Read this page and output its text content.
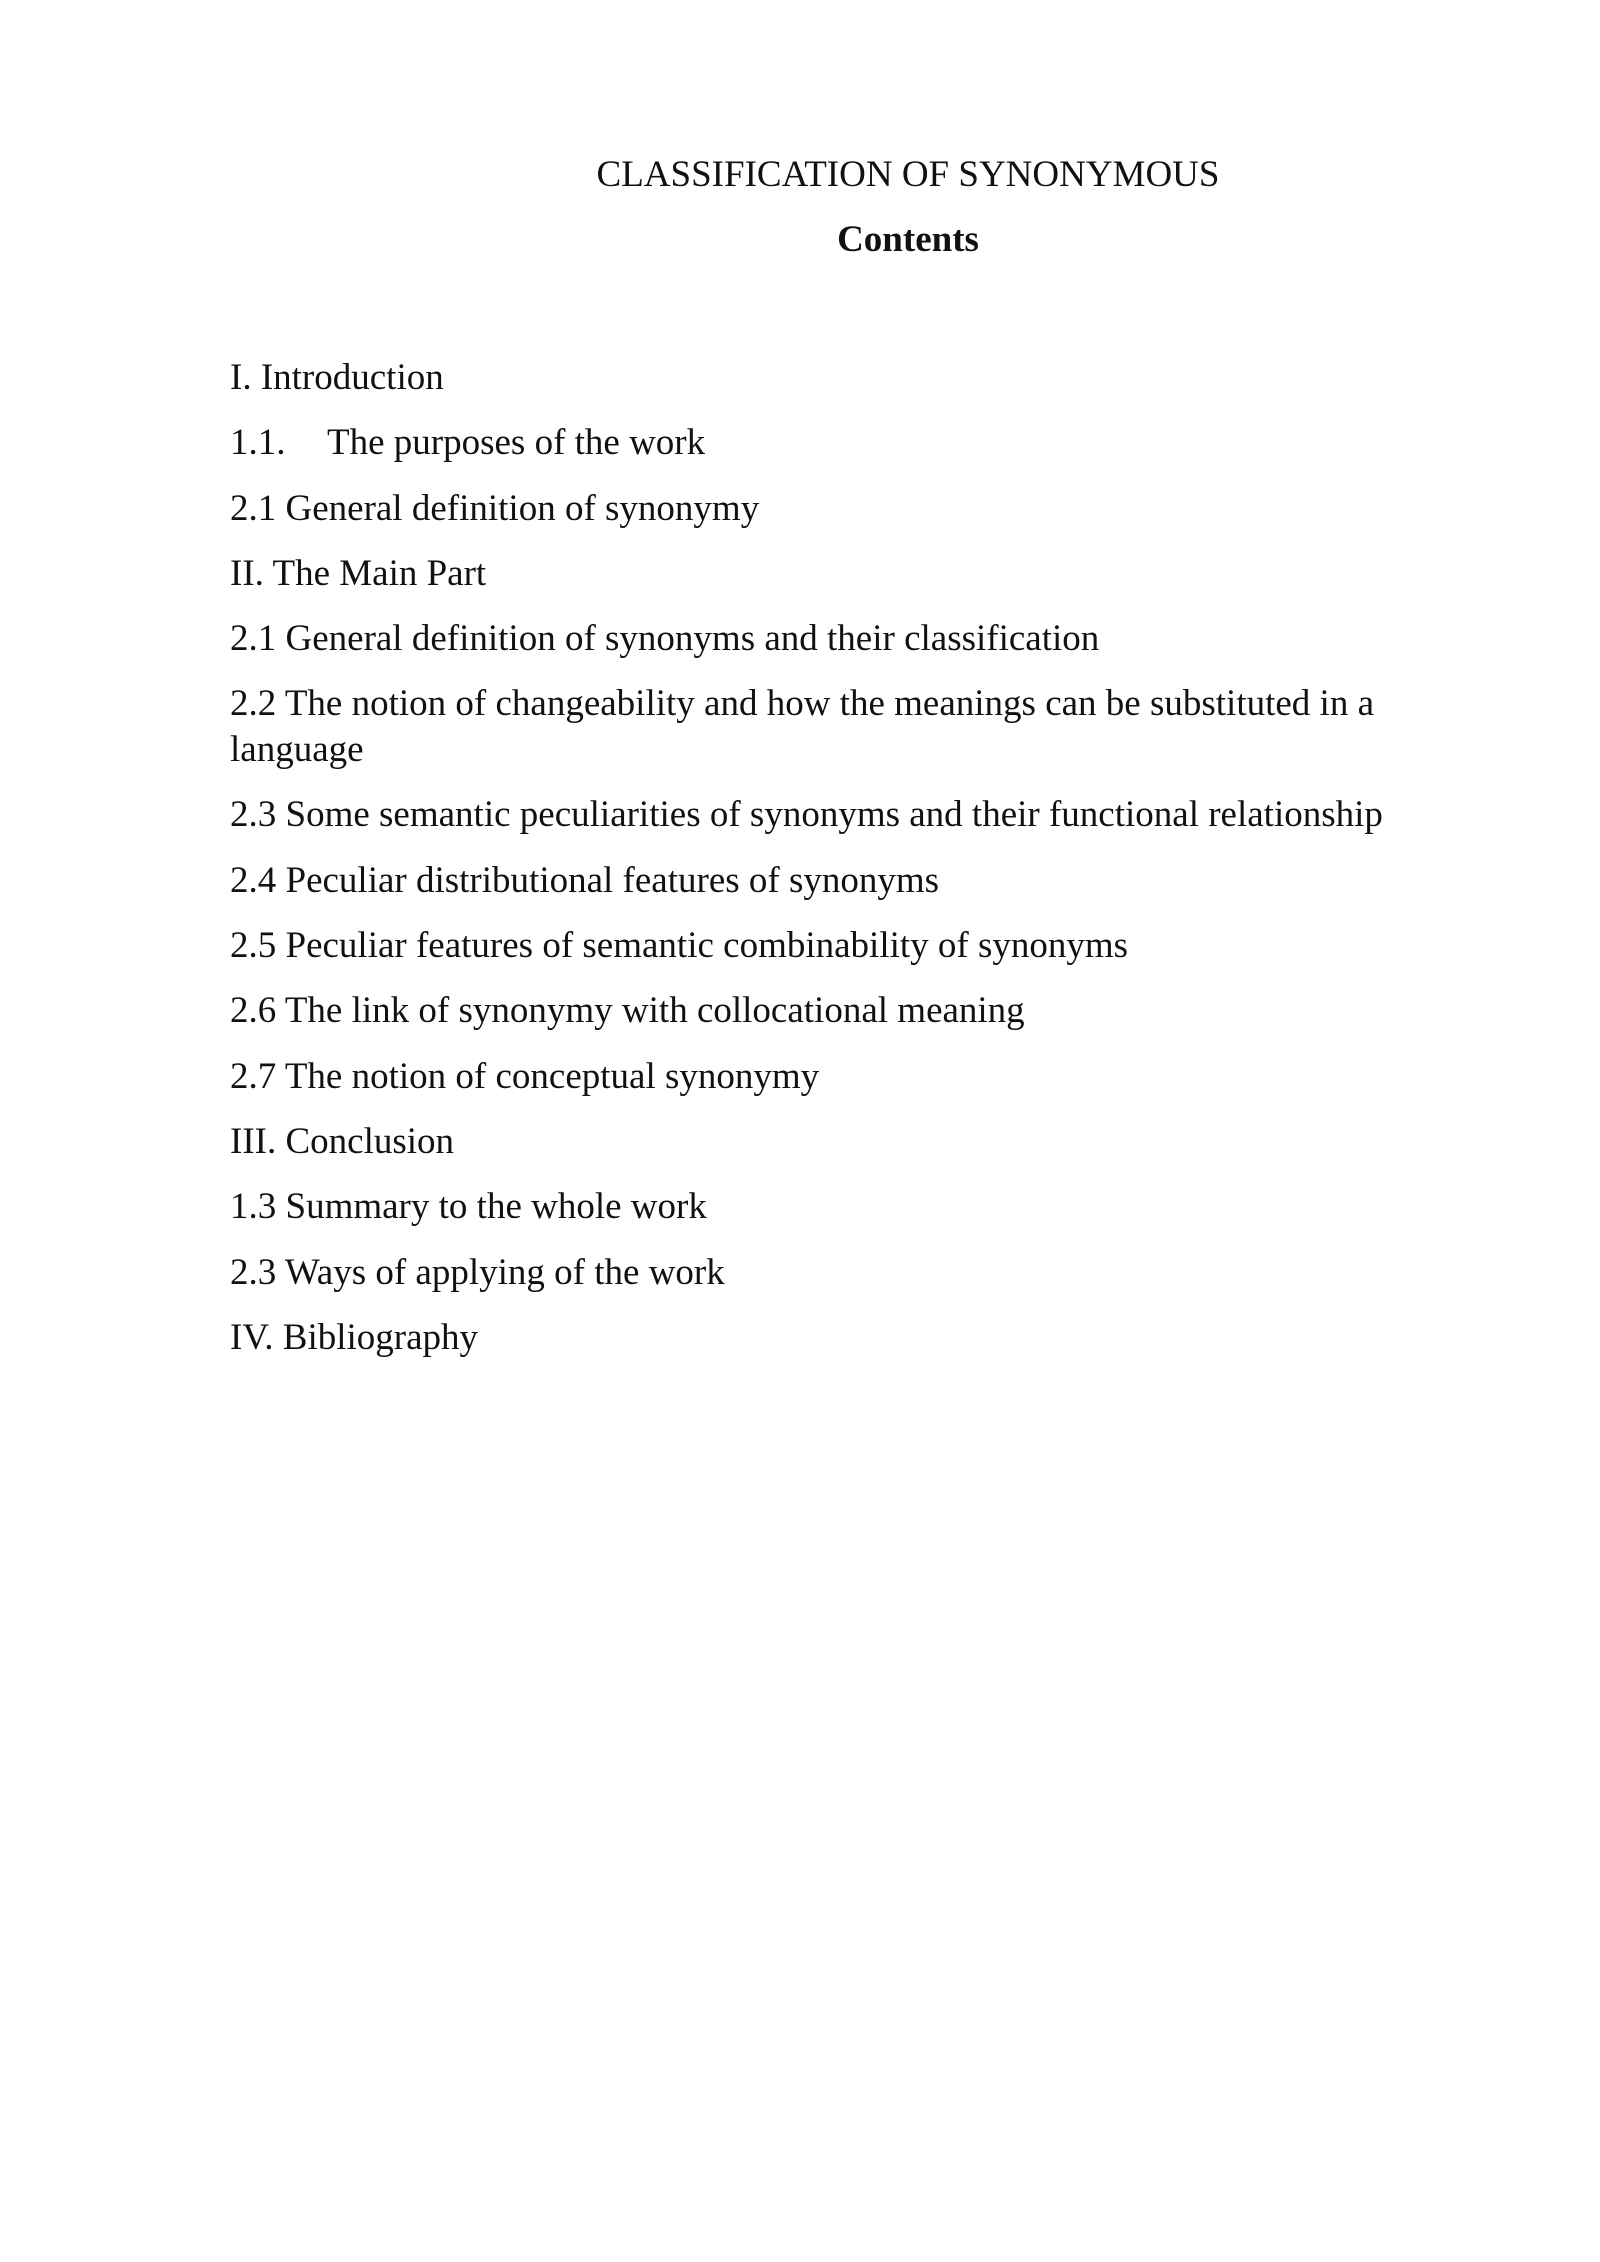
CLASSIFICATION OF SYNONYMOUS
Contents
I. Introduction
1.1. The purposes of the work
2.1 General definition of synonymy
II. The Main Part
2.1 General definition of synonyms and their classification
2.2 The notion of changeability and how the meanings can be substituted in a
language
2.3 Some semantic peculiarities of synonyms and their functional relationship
2.4 Peculiar distributional features of synonyms
2.5 Peculiar features of semantic combinability of synonyms
2.6 The link of synonymy with collocational meaning
2.7 The notion of conceptual synonymy
III. Conclusion
1.3 Summary to the whole work
2.3 Ways of applying of the work
IV. Bibliography
